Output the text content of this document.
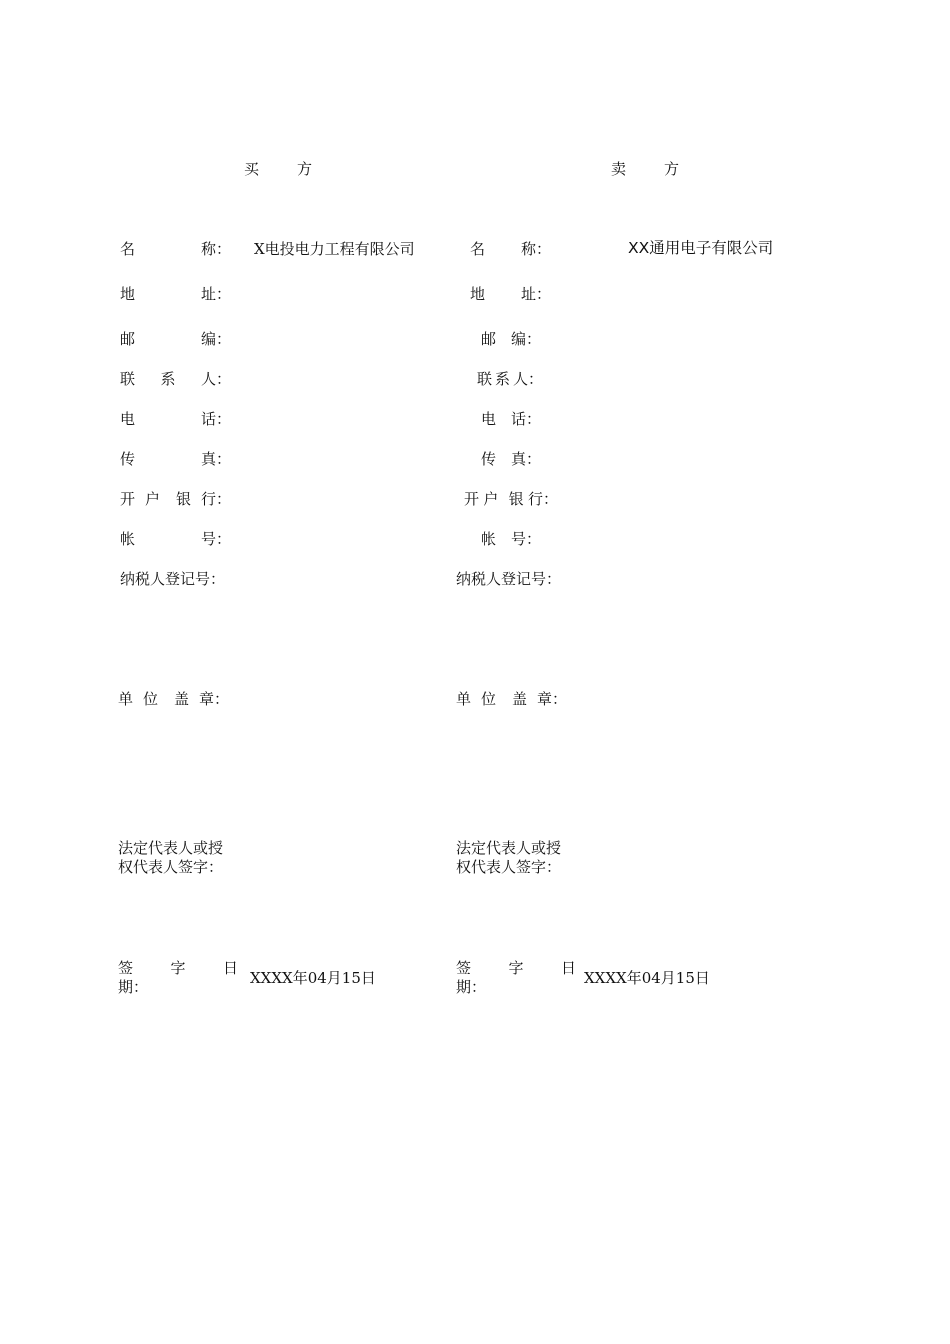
买	方	卖	方
名	称： X电投电力工程有限公司
地	址：
邮	编：
联 系 人：
电	话：
传	真：
开 户 银 行：
帐	号：
纳税人登记号：
单 位 盖 章：
法定代表人或授
权代表人签字：
签 字 日
期：	XXXX年04月15日
名 称：	XX通用电子有限公司
地 址：
邮 编：
联 系 人：
电 话：
传 真：
开 户 银 行：
帐 号：
纳税人登记号：
单 位 盖 章：
法定代表人或授
权代表人签字：
签 字 日
期：	XXXX年04月15日
